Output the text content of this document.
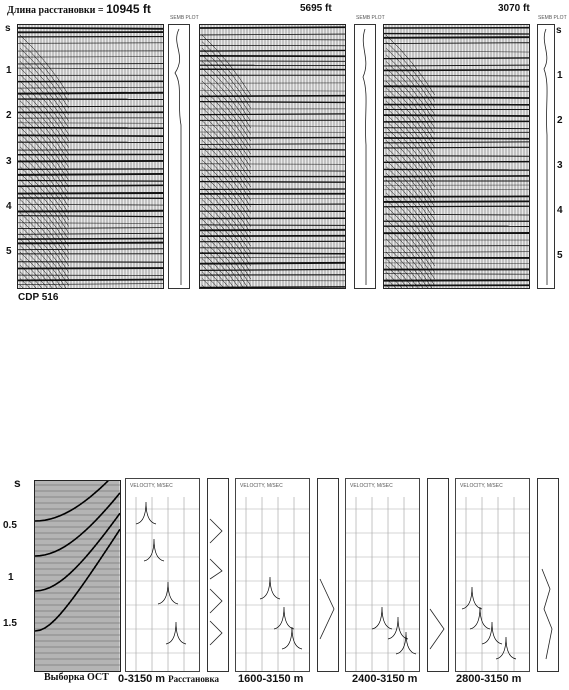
Длина расстановки = 10945 ft	5695 ft	3070 ft
s
1
2
3
4
5
s
1
2
3
4
5
SEMB PLOT	SEMB PLOT	SEMB PLOT
CDP 516
s
0.5
1
1.5
Выборка ОСТ
VELOCITY, M/SEC	VELOCITY, M/SEC	VELOCITY, M/SEC	VELOCITY, M/SEC
0-3150 m Расстановка 1600-3150 m	2400-3150 m	2800-3150 m
